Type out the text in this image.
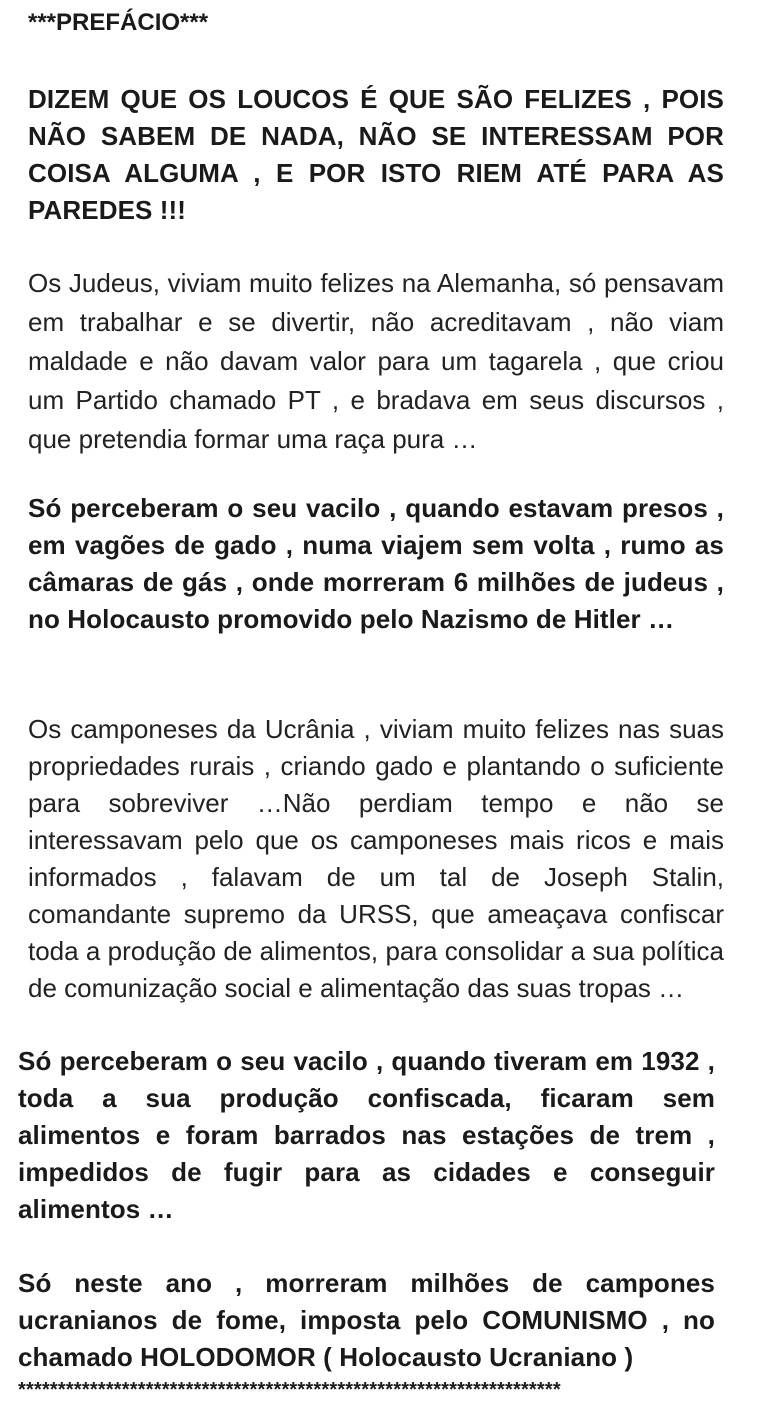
***PREFÁCIO***

DIZEM QUE OS LOUCOS É QUE SÃO FELIZES , POIS NÃO SABEM DE NADA, NÃO SE INTERESSAM POR COISA ALGUMA , E POR ISTO RIEM ATÉ PARA AS PAREDES !!!

Os Judeus, viviam muito felizes na Alemanha, só pensavam em trabalhar e se divertir, não acreditavam , não viam maldade e não davam valor para um tagarela , que criou um Partido chamado PT , e bradava em seus discursos , que pretendia formar uma raça pura …

Só perceberam o seu vacilo , quando estavam presos , em vagões de gado , numa viajem sem volta , rumo as câmaras de gás , onde morreram 6 milhões de judeus , no Holocausto promovido pelo Nazismo de Hitler …

Os camponeses da Ucrânia , viviam muito felizes nas suas propriedades rurais , criando gado e plantando o suficiente para sobreviver …Não perdiam tempo e não se interessavam pelo que os camponeses mais ricos e mais informados , falavam de um tal de Joseph Stalin, comandante supremo da URSS, que ameaçava confiscar toda a produção de alimentos, para consolidar a sua política de comunização social e alimentação das suas tropas …

Só perceberam o seu vacilo , quando tiveram em 1932 , toda a sua produção confiscada, ficaram sem alimentos e foram barrados nas estações de trem , impedidos de fugir para as cidades e conseguir alimentos …

Só neste ano , morreram milhões de campones ucranianos de fome, imposta pelo COMUNISMO , no chamado HOLODOMOR ( Holocausto Ucraniano )

********************************************************************
